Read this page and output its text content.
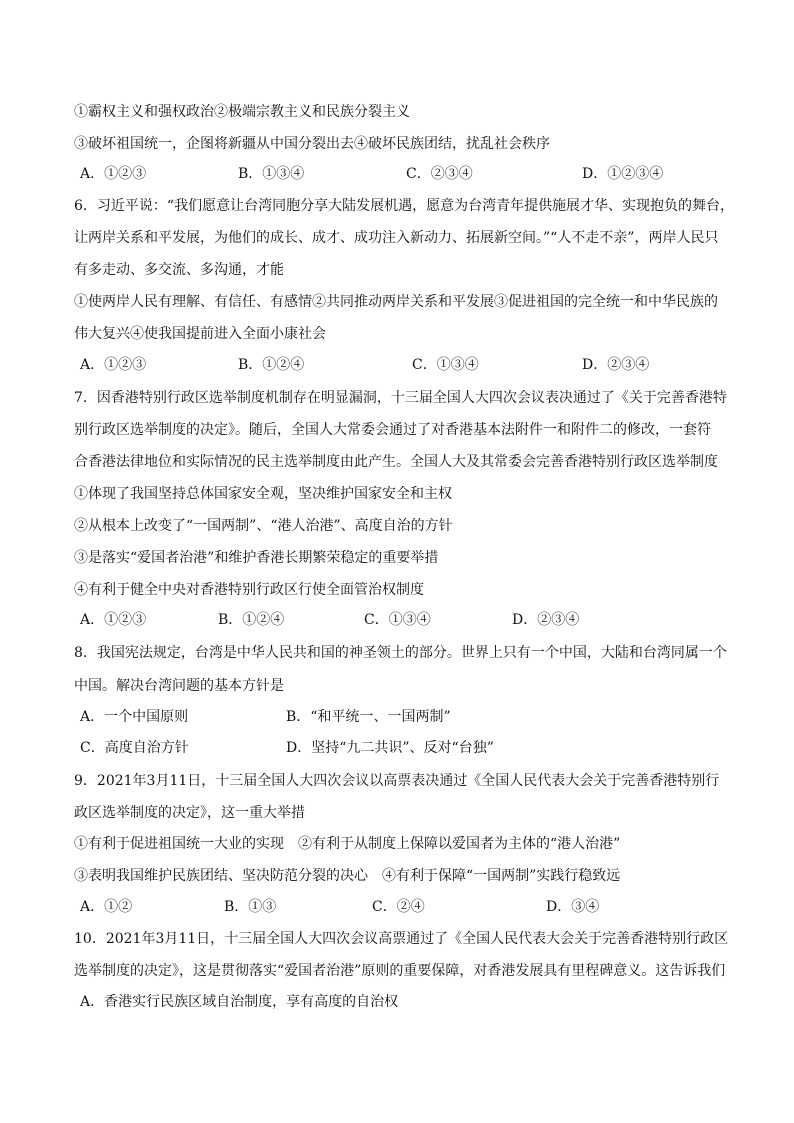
①霸权主义和强权政治②极端宗教主义和民族分裂主义
③破坏祖国统一，企图将新疆从中国分裂出去④破坏民族团结，扰乱社会秩序
A．①②③	B．①③④	C．②③④	D．①②③④
6．习近平说：“我们愿意让台湾同胞分享大陆发展机遇，愿意为台湾青年提供施展才华、实现抱负的舞台，
让两岸关系和平发展，为他们的成长、成才、成功注入新动力、拓展新空间。”“人不走不亲”，两岸人民只
有多走动、多交流、多沟通，才能
①使两岸人民有理解、有信任、有感情②共同推动两岸关系和平发展③促进祖国的完全统一和中华民族的
伟大复兴④使我国提前进入全面小康社会
A．①②③	B．①②④	C．①③④	D．②③④
7．因香港特别行政区选举制度机制存在明显漏洞，十三届全国人大四次会议表决通过了《关于完善香港特
别行政区选举制度的决定》。随后，全国人大常委会通过了对香港基本法附件一和附件二的修改，一套符
合香港法律地位和实际情况的民主选举制度由此产生。全国人大及其常委会完善香港特别行政区选举制度
①体现了我国坚持总体国家安全观，坚决维护国家安全和主权
②从根本上改变了“一国两制”、“港人治港”、高度自治的方针
③是落实“爱国者治港”和维护香港长期繁荣稳定的重要举措
④有利于健全中央对香港特别行政区行使全面管治权制度
A．①②③	B．①②④	C．①③④	D．②③④
8．我国宪法规定，台湾是中华人民共和国的神圣领土的部分。世界上只有一个中国，大陆和台湾同属一个
中国。解决台湾问题的基本方针是
A．一个中国原则	B．“和平统一、一国两制”
C．高度自治方针	D．坚持“九二共识”、反对“台独”
9．2021年3月11日，十三届全国人大四次会议以高票表决通过《全国人民代表大会关于完善香港特别行
政区选举制度的决定》，这一重大举措
①有利于促进祖国统一大业的实现　②有利于从制度上保障以爱国者为主体的“港人治港”
③表明我国维护民族团结、坚决防范分裂的决心　④有利于保障“一国两制”实践行稳致远
A．①②	B．①③	C．②④	D．③④
10．2021年3月11日，十三届全国人大四次会议高票通过了《全国人民代表大会关于完善香港特别行政区
选举制度的决定》，这是贯彻落实“爱国者治港”原则的重要保障，对香港发展具有里程碑意义。这告诉我们
A．香港实行民族区域自治制度，享有高度的自治权
